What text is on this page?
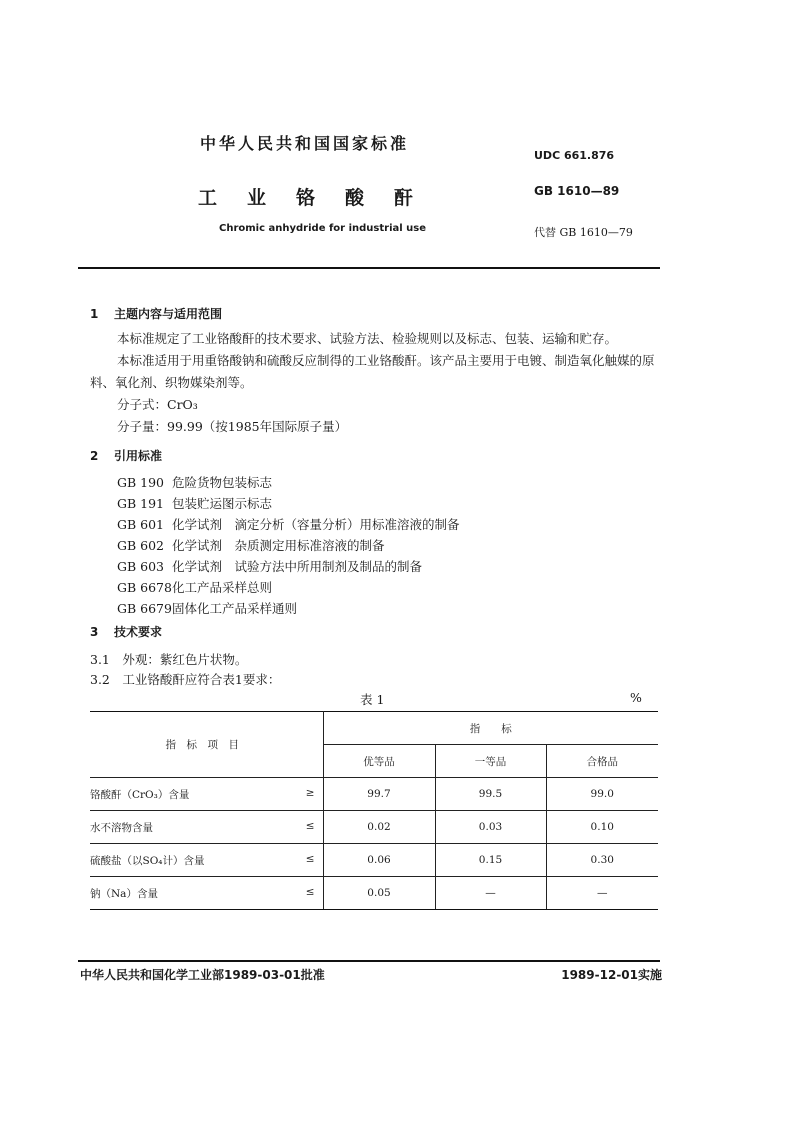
中华人民共和国国家标准
工业铬酸酐
Chromic anhydride for industrial use
UDC 661.876
GB 1610—89
代替 GB 1610—79
1 主题内容与适用范围
本标准规定了工业铬酸酐的技术要求、试验方法、检验规则以及标志、包装、运输和贮存。
本标准适用于用重铬酸钠和硫酸反应制得的工业铬酸酐。该产品主要用于电镀、制造氧化触媒的原
料、氧化剂、织物媒染剂等。
分子式：CrO₃
分子量：99.99（按1985年国际原子量）
2 引用标准
GB 190 危险货物包装标志
GB 191 包装贮运图示标志
GB 601 化学试剂　滴定分析（容量分析）用标准溶液的制备
GB 602 化学试剂　杂质测定用标准溶液的制备
GB 603 化学试剂　试验方法中所用制剂及制品的制备
GB 6678化工产品采样总则
GB 6679固体化工产品采样通则
3 技术要求
3.1　外观：紫红色片状物。
3.2　工业铬酸酐应符合表1要求：
表 1	%
指　标　项　目	指　　标		
	优等品	一等品	合格品

铬酸酐（CrO₃）含量 ≥	99.7	99.5	99.0

水不溶物含量 ≤	0.02	0.03	0.10

硫酸盐（以SO₄计）含量 ≤	0.06	0.15	0.30

钠（Na）含量 ≤	0.05	—	—
中华人民共和国化学工业部1989-03-01批准	1989-12-01实施
